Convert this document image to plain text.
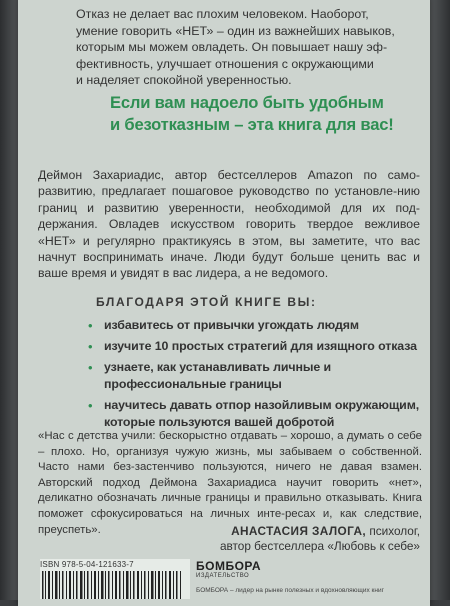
Отказ не делает вас плохим человеком. Наоборот,
умение говорить «НЕТ» – один из важнейших навыков,
которым мы можем овладеть. Он повышает нашу эф-
фективность, улучшает отношения с окружающими
и наделяет спокойной уверенностью.
Если вам надоело быть удобным
и безотказным – эта книга для вас!
Деймон Захариадис, автор бестселлеров Amazon по само-развитию, предлагает пошаговое руководство по установле-нию границ и развитию уверенности, необходимой для их под-держания. Овладев искусством говорить твердое вежливое «НЕТ» и регулярно практикуясь в этом, вы заметите, что вас начнут воспринимать иначе. Люди будут больше ценить вас и ваше время и увидят в вас лидера, а не ведомого.
БЛАГОДАРЯ ЭТОЙ КНИГЕ ВЫ:
• избавитесь от привычки угождать людям
• изучите 10 простых стратегий для изящного отказа
• узнаете, как устанавливать личные и профессиональные границы
• научитесь давать отпор назойливым окружающим, которые пользуются вашей добротой
«Нас с детства учили: бескорыстно отдавать – хорошо, а думать о себе – плохо. Но, организуя чужую жизнь, мы забываем о собственной. Часто нами без-застенчиво пользуются, ничего не давая взамен. Авторский подход Деймона Захариадиса научит говорить «нет», деликатно обозначать личные границы и правильно отказывать. Книга поможет сфокусироваться на личных инте-ресах и, как следствие, преуспеть».	АНАСТАСИЯ ЗАЛОГА, психолог,
автор бестселлера «Любовь к себе»
ISBN 978-5-04-121633-7	БОМБОРА
ИЗДАТЕЛЬСТВО
БОМБОРА – лидер на рынке полезных и вдохновляющих книг
